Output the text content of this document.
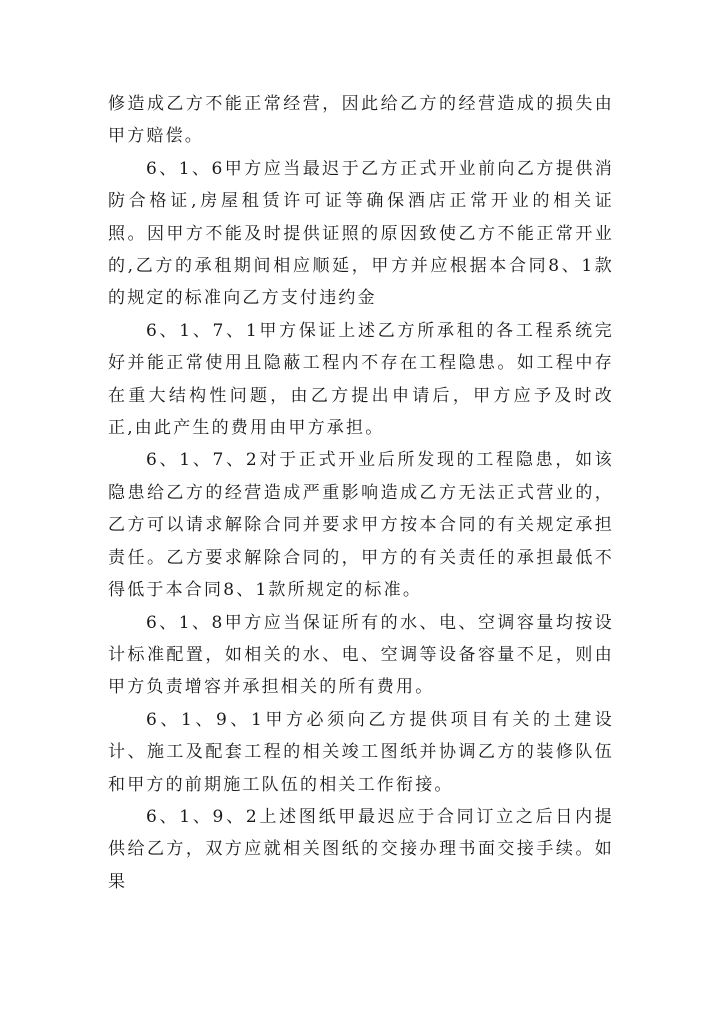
修造成乙方不能正常经营，因此给乙方的经营造成的损失由甲方赔偿。

6、1、6甲方应当最迟于乙方正式开业前向乙方提供消防合格证,房屋租赁许可证等确保酒店正常开业的相关证照。因甲方不能及时提供证照的原因致使乙方不能正常开业的,乙方的承租期间相应顺延，甲方并应根据本合同8、1款的规定的标准向乙方支付违约金

6、1、7、1甲方保证上述乙方所承租的各工程系统完好并能正常使用且隐蔽工程内不存在工程隐患。如工程中存在重大结构性问题，由乙方提出申请后，甲方应予及时改正,由此产生的费用由甲方承担。

6、1、7、2对于正式开业后所发现的工程隐患，如该隐患给乙方的经营造成严重影响造成乙方无法正式营业的，乙方可以请求解除合同并要求甲方按本合同的有关规定承担责任。乙方要求解除合同的，甲方的有关责任的承担最低不得低于本合同8、1款所规定的标准。

6、1、8甲方应当保证所有的水、电、空调容量均按设计标准配置，如相关的水、电、空调等设备容量不足，则由甲方负责增容并承担相关的所有费用。

6、1、9、1甲方必须向乙方提供项目有关的土建设计、施工及配套工程的相关竣工图纸并协调乙方的装修队伍和甲方的前期施工队伍的相关工作衔接。

6、1、9、2上述图纸甲最迟应于合同订立之后日内提供给乙方，双方应就相关图纸的交接办理书面交接手续。如果
